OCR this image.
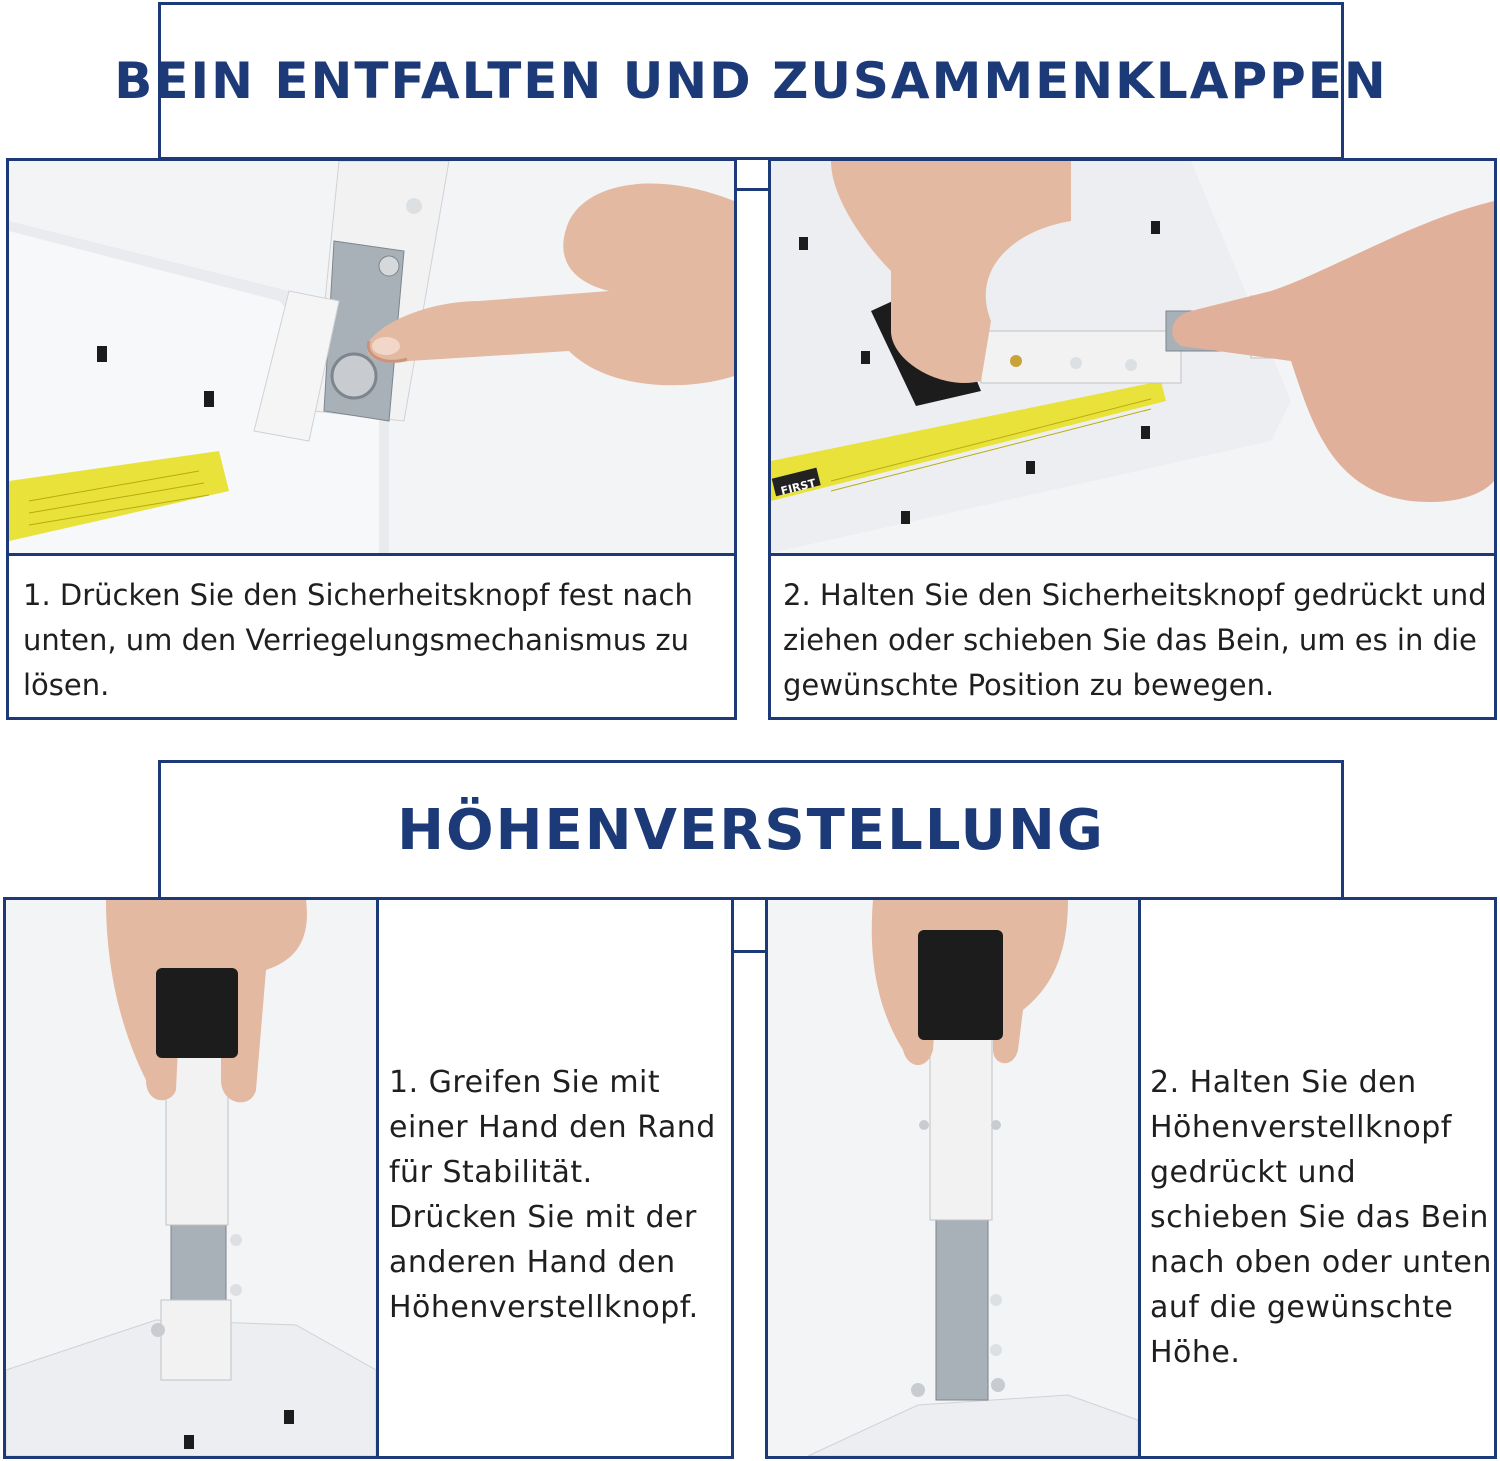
BEIN ENTFALTEN UND ZUSAMMENKLAPPEN
1. Drücken Sie den Sicherheitsknopf fest nach unten, um den Verriegelungsmechanismus zu lösen.
FIRST
2. Halten Sie den Sicherheitsknopf gedrückt und ziehen oder schieben Sie das Bein, um es in die gewünschte Position zu bewegen.
HÖHENVERSTELLUNG
1. Greifen Sie mit einer Hand den Rand für Stabilität. Drücken Sie mit der anderen Hand den Höhenverstellknopf.
2. Halten Sie den Höhenverstellknopf gedrückt und schieben Sie das Bein nach oben oder unten auf die gewünschte Höhe.
